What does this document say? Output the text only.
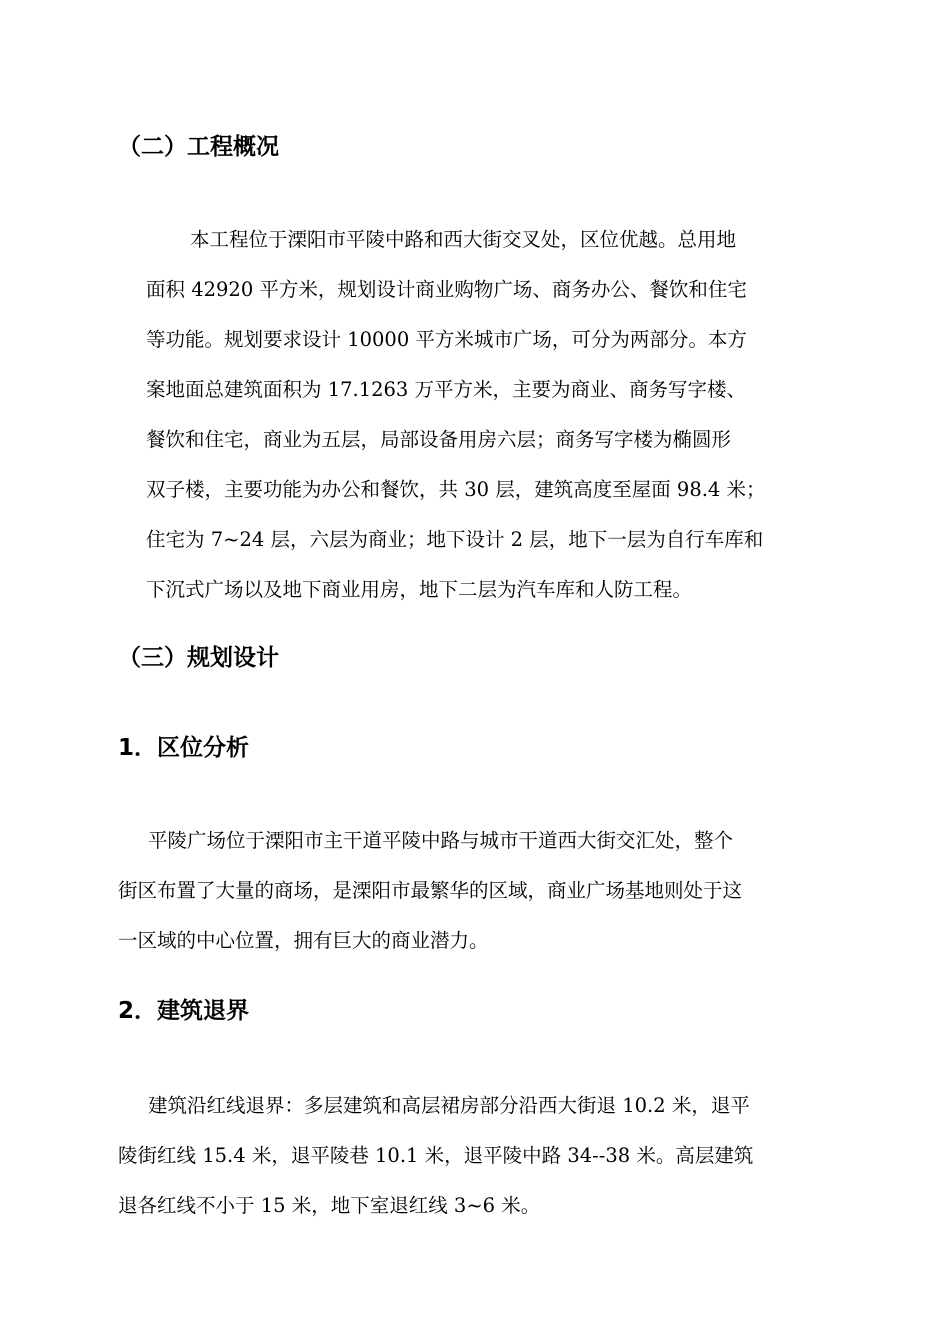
（二）工程概况
本工程位于溧阳市平陵中路和西大街交叉处，区位优越。总用地
面积 42920 平方米，规划设计商业购物广场、商务办公、餐饮和住宅
等功能。规划要求设计 10000 平方米城市广场，可分为两部分。本方
案地面总建筑面积为 17.1263 万平方米，主要为商业、商务写字楼、
餐饮和住宅，商业为五层，局部设备用房六层；商务写字楼为椭圆形
双子楼，主要功能为办公和餐饮，共 30 层，建筑高度至屋面 98.4 米；
住宅为 7~24 层，六层为商业；地下设计 2 层，地下一层为自行车库和
下沉式广场以及地下商业用房，地下二层为汽车库和人防工程。
（三）规划设计
1．区位分析
平陵广场位于溧阳市主干道平陵中路与城市干道西大街交汇处，整个
街区布置了大量的商场，是溧阳市最繁华的区域，商业广场基地则处于这
一区域的中心位置，拥有巨大的商业潜力。
2．建筑退界
建筑沿红线退界：多层建筑和高层裙房部分沿西大街退 10.2 米，退平
陵街红线 15.4 米，退平陵巷 10.1 米，退平陵中路 34--38 米。高层建筑
退各红线不小于 15 米，地下室退红线 3~6 米。
